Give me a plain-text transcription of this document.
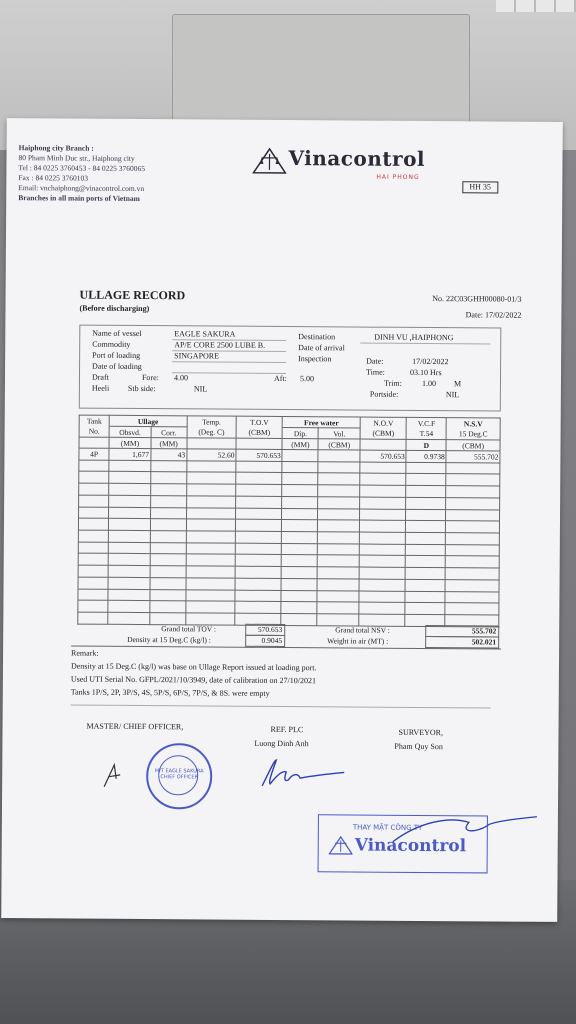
Haiphong city Branch :
80 Pham Minh Duc str., Haiphong city
Tel : 84 0225 3760453 - 84 0225 3760065
Fax : 84 0225 3760103
Email: vnchaiphong@vinacontrol.com.vn
Branches in all main ports of Vietnam
Vinacontrol
HAI PHONG
HH 35
ULLAGE RECORD
(Before discharging)
No. 22C03GHH00080-01/3
Date: 17/02/2022
Name of vessel	EAGLE SAKURA
Commodity	AP/E CORE 2500 LUBE B.
Port of loading	SINGAPORE
Date of loading
Draft	Fore: 4.00	Aft: 5.00
Heeli Stb side:	NIL
Destination	DINH VU ,HAIPHONG
Date of arrival
Inspection	Date:	17/02/2022
Time:	03.10 Hrs
Trim: 1.00 M
Portside:	NIL
Tank	Ullage		Temp.	T.O.V	Free water		N.O.V	V.C.F	N.S.V
No.	Obsvd.	Corr.	(Deg. C)	(CBM)	Dip.	Vol.	(CBM)	T.54	15 Deg.C
	(MM)	(MM)			(MM)	(CBM)		D	(CBM)
4P	1,677	43	52.60	570.653			570.653	0.9738	555.702

Grand total TOV :	570.653
Density at 15 Deg.C (kg/l) :	0.9045
Grand total NSV :	555.702
Weight in air (MT) :	502.021
Remark:
Density at 15 Deg.C (kg/l) was base on Ullage Report issued at loading port.
Used UTI Serial No. GFPL/2021/10/3949, date of calibration on 27/10/2021
Tanks 1P/S, 2P, 3P/S, 4S, 5P/S, 6P/S, 7P/S, & 8S. were empty
MASTER/ CHIEF OFFICER,	REF. PLC
Luong Dinh Anh
SURVEYOR,
Pham Quy Son
M/T EAGLE SAKURA CHIEF OFFICER
THAY MẶT CÔNG TY
Vinacontrol
